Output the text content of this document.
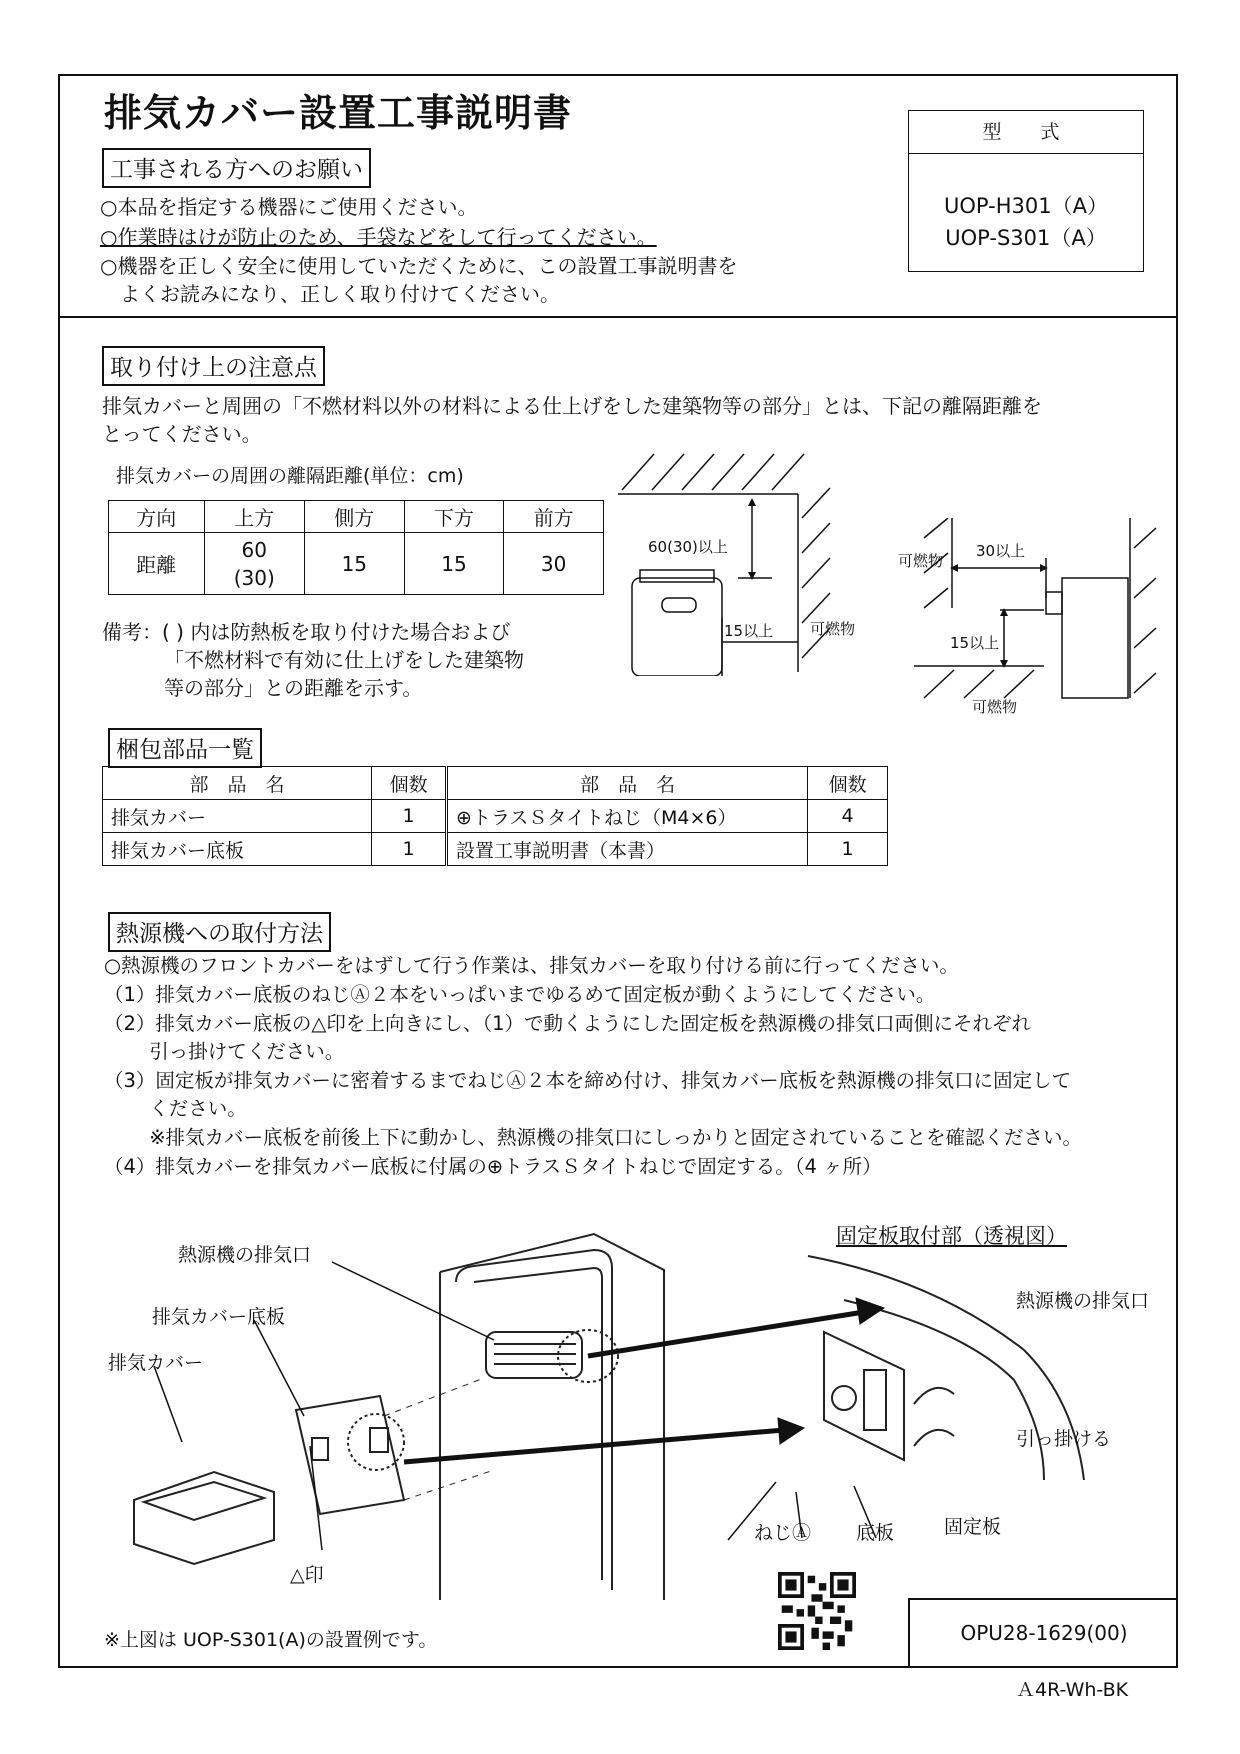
排気カバー設置工事説明書
工事される方へのお願い
○本品を指定する機器にご使用ください。
○作業時はけが防止のため、手袋などをして行ってください。
○機器を正しく安全に使用していただくために、この設置工事説明書を
　よくお読みになり、正しく取り付けてください。
型　式
UOP-H301（A）
UOP-S301（A）
取り付け上の注意点
排気カバーと周囲の「不燃材料以外の材料による仕上げをした建築物等の部分」とは、下記の離隔距離を
とってください。
排気カバーの周囲の離隔距離(単位：cm)
方向	上方	側方	下方	前方
距離	60
(30)	15	15	30
備考：( ) 内は防熱板を取り付けた場合および
「不燃材料で有効に仕上げをした建築物
等の部分」との距離を示す。
60(30)以上
15以上 可燃物
30以上
可燃物
15以上
可燃物
梱包部品一覧
部　品　名	個数	部　品　名	個数
排気カバー	1	⊕トラスＳタイトねじ（M4×6）	4
排気カバー底板	1	設置工事説明書（本書）	1
熱源機への取付方法
○熱源機のフロントカバーをはずして行う作業は、排気カバーを取り付ける前に行ってください。
（1）排気カバー底板のねじⒶ２本をいっぱいまでゆるめて固定板が動くようにしてください。
（2）排気カバー底板の△印を上向きにし、（1）で動くようにした固定板を熱源機の排気口両側にそれぞれ
　　 引っ掛けてください。
（3）固定板が排気カバーに密着するまでねじⒶ２本を締め付け、排気カバー底板を熱源機の排気口に固定して
　　 ください。
　　 ※排気カバー底板を前後上下に動かし、熱源機の排気口にしっかりと固定されていることを確認ください。
（4）排気カバーを排気カバー底板に付属の⊕トラスＳタイトねじで固定する。（4 ヶ所）
熱源機の排気口
排気カバー底板
排気カバー
△印
固定板取付部（透視図）
熱源機の排気口
引っ掛ける
ねじⒶ 底板	固定板
※上図は UOP-S301(A)の設置例です。	OPU28-1629(00)
Ａ4R-Wh-BK
